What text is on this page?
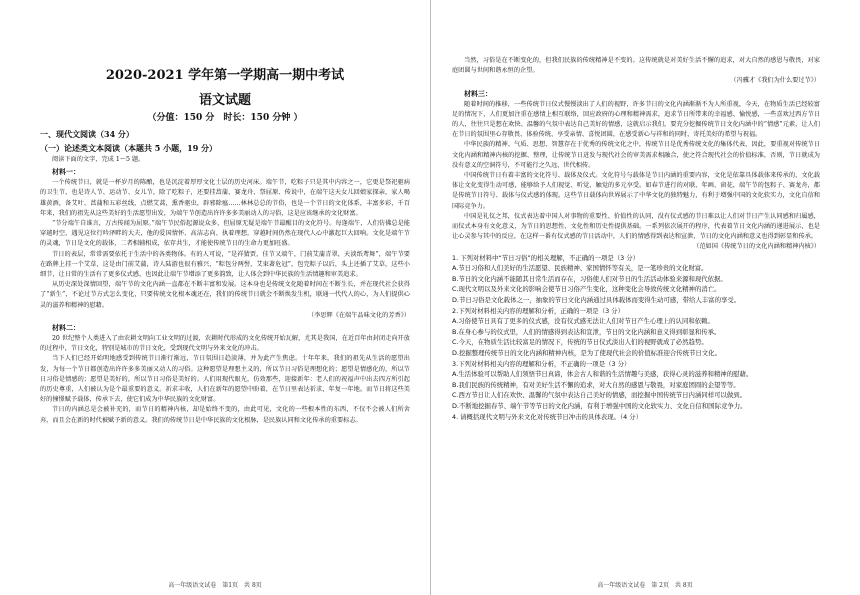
2020-2021 学年第一学期高一期中考试
语文试题
（分值：150 分　时长：150 分钟 ）
一、现代文阅读（34 分）
（一）论述类文本阅读（本题共 5 小题，19 分）

阅读下面的文字，完成 1～5 题。

材料一：

一个传统节日，就是一杯岁月的陈酿，也是沉淀着厚厚文化土层的历史河床。端午节，吃粽子只是其中内容之一，它更是祭祀驱病的卫生节，也是诗人节、运动节、女儿节，除了吃粽子，还要挂菖蒲、赛龙舟、祭屈原、传说中，在端午这天女儿回娘家探亲，家人喝雄黄酒，备艾叶、菖蒲和五彩丝线，点燃艾蒿，熏香驱虫，辟邪除瘟……林林总总的节俗，也是一个节日的文化体系，丰富多彩，千百年来，我们的祖先从这些美好的生活愿望出发，为端午节创造出许许多多美丽动人的习俗，这是应该继承的文化财富。

“节分端午自谁言，万古传闻为屈原。”端午节民俗起源说众多，但屈原无疑是端午节最醒目的文化符号。每逢端午，人们仿佛总是能穿越时空，遇见这位行吟泽畔的大夫，他的爱国情怀、高洁志向、执着理想，穿越时间仍然在现代人心中激起巨大回响。文化是端午节的灵魂，节日是文化的载体，二者相辅相成，依存共生，才能使传统节日的生命力更加旺盛。

节日的表层，常常需要依托于生活中的各类物体。有的人可说，“是祥猜贾，佳节又端午，门前艾蒲青翠，天淡纸鸢舞”，端午节要在路牌上挂一个艾草，这是由门前艾蒲，诗人陆游也很有雅兴，“粽包分两髻，艾束著危冠”，包完粽子以后，头上还插了艾草，这些小细节，让日常的生活有了更多仪式感，也因此让端午节增添了更多韵致，让人体会到中华民族的生活情趣和审美追求。

从历史深处深情回望，端午节的文化内涵一直都在不断丰富和发展。这本身也是传统文化随着时间在不断生长，并在现代社会获得了“新生”，不论过节方式怎么变化，只要传统文化根本魂还在，我们的传统节日就会不断焕发生机，联通一代代人的心，为人们提供心灵的滋养和精神的慰藉。

（李思辉《在端午品味文化的芳香》）

材料二：

20 世纪整个人类进入了由农耕文明向工业文明的过渡，农耕时代形成的文化传统开始瓦解，尤其是我国，在近百年由封闭走向开放的过程中，节日文化，特别是城市的节日文化，受到现代文明与外来文化的冲击。

当下人们已经开始明地感受到传统节日渐行渐远，节日氛围日趋淡薄，并为此产生焦虑。十年年来，我们的祖先从生活的愿望出发，为每一个节日都创造出许许多多美丽又动人的习俗。这种愿望是理想主义的，所以节日习俗是理想化的；愿望是情感化的，所以节日习俗是情感的；愿望是美好的，所以节日习俗是美好的。人们用现代眼光，仿效那些，迎接新年：老人们的祝福声中出去四方所引起的历史尊重，人们被认为是个最重要的意义。祈求丰收，人们在新年的愿望中盼着，在节日里表达祈求，年复一年地。而节日将这些美好的憧憬赋予载体，传承下去，使它们成为中华民族的文化财富。

节日的内涵总是会被补充的，而节日的精神内核，却是始终不变的，由此可见，文化的一些根本性的东西，不仅不会被人们所舍弃，而且会在新的时代被赋予新的意义。我们的传统节日是中华民族的文化根脉，是民族认同和文化传承的重要标志。

高一年级语文试卷　第1页　共 8页

当然，习俗是在不断变化的，但我们民族的传统精神是不变的。这传统就是对美好生活不懈的追求，对大自然的感恩与敬畏，对家庭团圆与世间和谐永恒的企望。

（冯骥才《我们为什么要过节》）

材料三：

随着时间的推移，一些传统节日仪式慢慢淡出了人们的视野，许多节日的文化内涵渐渐不为人所重视，今天，在物质生活已经较富足的情况下，人们更加注重在感情上相互联络，回应政府的心理和精神需求，追求节日所带来的幸福感、愉悦感，一些喜欢过西方节日的人，往往只是想在欢快、温馨的气氛中表达自己美好的情感，这就启示我们，要充分挖掘传统节日文化内涵中的“情感”元素，让人们在节日的氛围里心存敬畏、体验传统、享受亲情、喜悦团圆，在感受新心与祥和的同时，寄托美好的希望与祝福。

中华民族的精神、气质、思想、智慧存在于优秀的传统文化之中，传统节日是优秀传统文化的集体代表，因此，要重视对传统节日文化内涵和精神内核的挖掘、整理，让传统节日迸发与现代社会的审美需求相融合，使之符合现代社会的价值标准，否则，节日就成为没有意义的空洞符号，不可能行之久远、世代相传。

中国传统节日有着丰富的文化符号、载体及仪式。文化符号与载体是节日内涵的重要内容，文化是依靠具体载体来传承的，文化载体让文化变得生动可感，能够给予人们视觉、听觉、触觉的多元享受。如春节进行的对联、年画、窗花，端午节的包粽子、赛龙舟，都是传统节日符号、载体与仪式感的体现。这些节日载体向世界展示了中华文化的独特魅力，有利于增强中国的文化软实力，文化自信和国际竞争力。

中国是礼仪之邦，仪式表达着中国人对事物的重要性、价值性的认同，没有仪式感的节日难以让人们对节日产生认同感和归属感，而仪式本身有文化意义，为节日的思想性、文化性和历史性提供基础。一系列依次展开的程序，代表着节日文化内涵的递进展示，也是让心灵参与其中的反应，在这样一番有仪式感的节日活动中，人们的情感得到表达和宣泄，节日的文化内涵和意义也得到彰显和传承。

（范如国《传统节日的文化内涵和精神内核》）

1. 下列对材料中“节日习俗”的相关理解，不正确的一项是（3 分）
A.节日习俗和人们美好的生活愿望、民族精神、家国情怀等有关，是一笔珍贵的文化财富。
B.节日的文化内涵不能随其日常生活而存在，习俗使人们对节日的生活活动体验来源和现代依据。
C.现代文明以及外来文化的影响会使节日习俗产生变化，这种变化会导致传统文化精神的消亡。
D.节日习俗是文化载体之一，抽象的节日文化内涵通过具体载体而变得生动可感，带给人丰富的享受。
2.下列对材料相关内容的理解和分析，正确的一项是（3 分）
A.习俗使节日具有了更多的仪式感，没有仪式感无法让人们对节日产生心理上的认同和依赖。
B.在身心参与的仪式里，人们的情感得到表达和宣泄，节日的文化内涵和意义得到彰显和传承。
C.今天，在物质生活比较富足的情况下，传统的节日仪式淡出人们的视野就成了必然趋势。
D.挖掘整理传统节日的文化内涵和精神内核，是为了使现代社会的价值标准迎合传统节日文化。
3.下列对材料相关内容的理解和分析，不正确的一项是（3 分）
A.生活体验可以帮助人们领悟节日真谛，体会古人和谐的生活情趣与美感，获得心灵的滋养和精神的慰藉。
B.我们民族的传统精神，有对美好生活不懈的追求，对大自然的感恩与敬畏，对家庭团圆的企望等等。
C.西方节日让人们在欢快、温馨的气氛中表达自己美好的情感，而挖掘中国传统节日内涵同样可以做到。
D.不断地挖掘春节、端午节等节日的文化内涵，有利于增强中国的文化软实力、文化自信和国际竞争力。
4. 请概括现代文明与外来文化对传统节日冲击的具体表现。（4 分）
高一年级语文试卷　第 2页　共 8页
